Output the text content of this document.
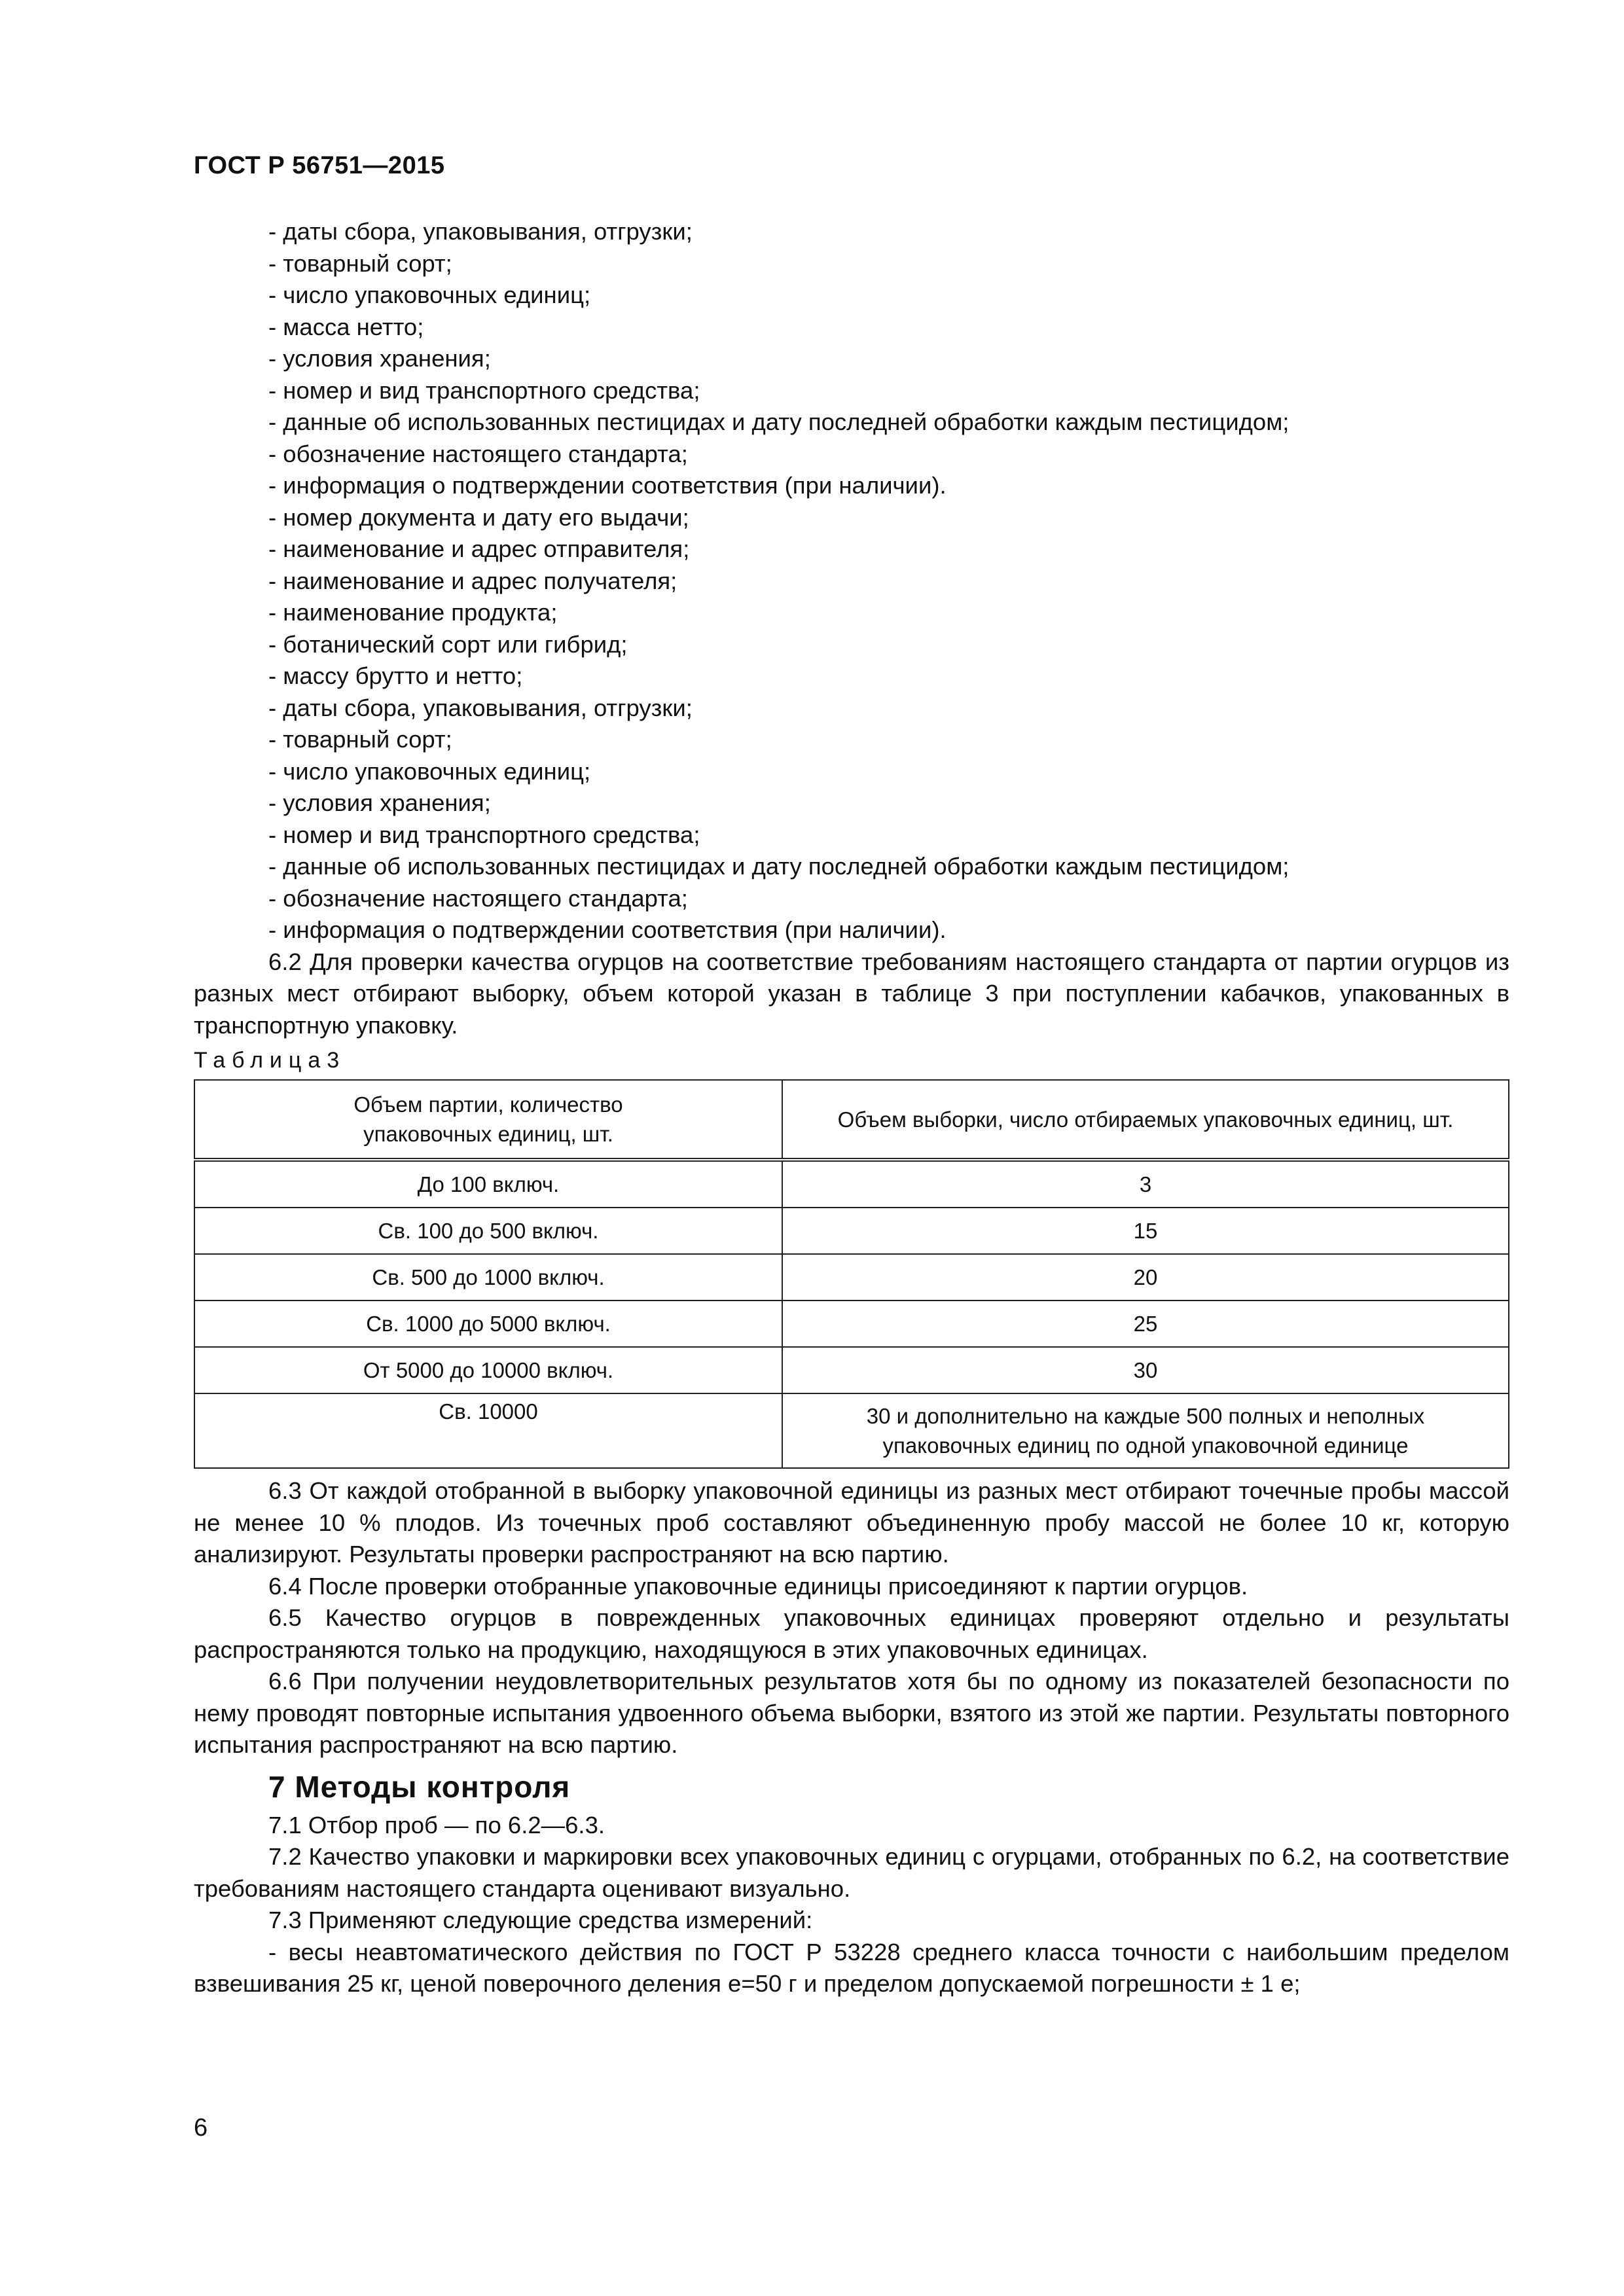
ГОСТ Р 56751—2015

- даты сбора, упаковывания, отгрузки;

- товарный сорт;

- число упаковочных единиц;

- масса нетто;

- условия хранения;

- номер и вид транспортного средства;

- данные об использованных пестицидах и дату последней обработки каждым пестицидом;

- обозначение настоящего стандарта;

- информация о подтверждении соответствия (при наличии).

- номер документа и дату его выдачи;

- наименование и адрес отправителя;

- наименование и адрес получателя;

- наименование продукта;

- ботанический сорт или гибрид;

- массу брутто и нетто;

- даты сбора, упаковывания, отгрузки;

- товарный сорт;

- число упаковочных единиц;

- условия хранения;

- номер и вид транспортного средства;

- данные об использованных пестицидах и дату последней обработки каждым пестицидом;

- обозначение настоящего стандарта;

- информация о подтверждении соответствия (при наличии).

6.2 Для проверки качества огурцов на соответствие требованиям настоящего стандарта от партии огурцов из разных мест отбирают выборку, объем которой указан в таблице 3 при поступлении кабачков, упакованных в транспортную упаковку.

Таблица3
Объем партии, количество упаковочных единиц, шт.	Объем выборки, число отбираемых упаковочных единиц, шт.
До 100 включ.	3
Св. 100 до 500 включ.	15
Св. 500 до 1000 включ.	20
Св. 1000 до 5000 включ.	25
От 5000 до 10000 включ.	30
Св. 10000	30 и дополнительно на каждые 500 полных и неполных упаковочных единиц по одной упаковочной единице

6.3 От каждой отобранной в выборку упаковочной единицы из разных мест отбирают точечные пробы массой не менее 10 % плодов. Из точечных проб составляют объединенную пробу массой не более 10 кг, которую анализируют. Результаты проверки распространяют на всю партию.

6.4 После проверки отобранные упаковочные единицы присоединяют к партии огурцов.

6.5 Качество огурцов в поврежденных упаковочных единицах проверяют отдельно и результаты распространяются только на продукцию, находящуюся в этих упаковочных единицах.

6.6 При получении неудовлетворительных результатов хотя бы по одному из показателей безопасности по нему проводят повторные испытания удвоенного объема выборки, взятого из этой же партии. Результаты повторного испытания распространяют на всю партию.

7 Методы контроля

7.1 Отбор проб — по 6.2—6.3.

7.2 Качество упаковки и маркировки всех упаковочных единиц с огурцами, отобранных по 6.2, на соответствие требованиям настоящего стандарта оценивают визуально.

7.3 Применяют следующие средства измерений:

- весы неавтоматического действия по ГОСТ Р 53228 среднего класса точности с наибольшим пределом взвешивания 25 кг, ценой поверочного деления е=50 г и пределом допускаемой погрешности ± 1 е;

6
